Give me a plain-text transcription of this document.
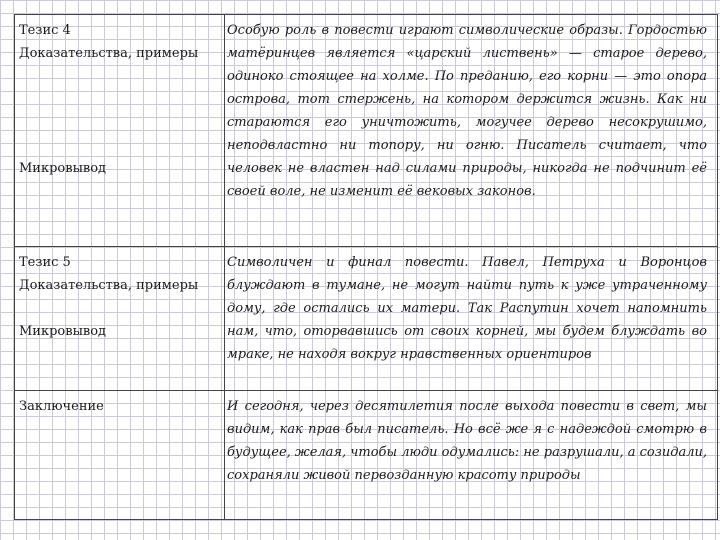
Тезис 4
Доказательства, примеры
Микровывод
Особую роль в повести играют символические образы. Гордостью матёринцев является «царский листвень» — старое дерево, одиноко стоящее на холме. По преданию, его корни — это опора острова, тот стержень, на котором держится жизнь. Как ни стараются его уничтожить, могучее дерево несокрушимо, неподвластно ни топору, ни огню. Писатель считает, что человек не властен над силами природы, никогда не подчинит её своей воле, не изменит её вековых законов.
Тезис 5
Доказательства, примеры
Микровывод
Символичен и финал повести. Павел, Петруха и Воронцов блуждают в тумане, не могут найти путь к уже утраченному дому, где остались их матери. Так Распутин хочет напомнить нам, что, оторвавшись от своих корней, мы будем блуждать во мраке, не находя вокруг нравственных ориентиров
Заключение	И сегодня, через десятилетия после выхода повести в свет, мы видим, как прав был писатель. Но всё же я с надеждой смотрю в будущее, желая, чтобы люди одумались: не разрушали, а созидали, сохраняли живой первозданную красоту природы
